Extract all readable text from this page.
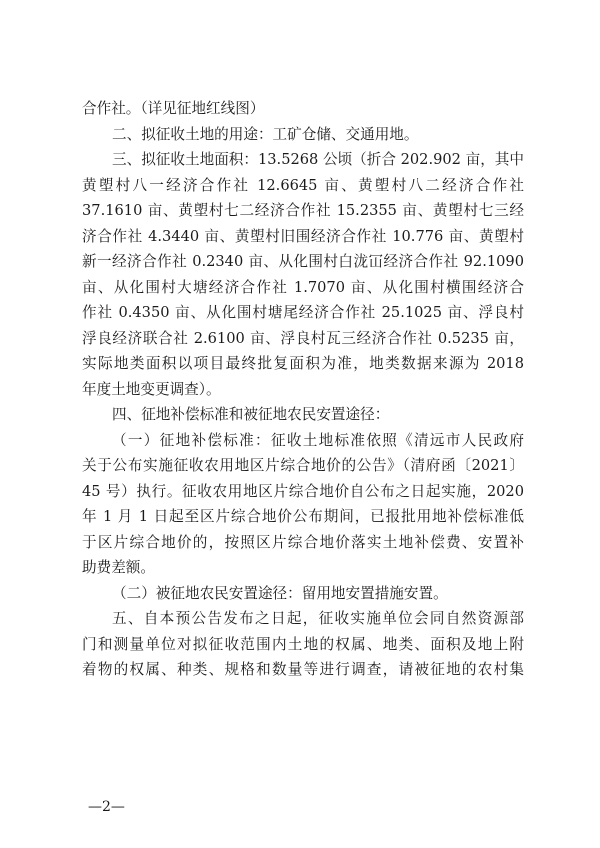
合作社。（详见征地红线图）
二、拟征收土地的用途：工矿仓储、交通用地。
三、拟征收土地面积：13.5268 公顷（折合 202.902 亩，其中
黄塱村八一经济合作社 12.6645 亩、黄塱村八二经济合作社
37.1610 亩、黄塱村七二经济合作社 15.2355 亩、黄塱村七三经
济合作社 4.3440 亩、黄塱村旧围经济合作社 10.776 亩、黄塱村
新一经济合作社 0.2340 亩、从化围村白泷冚经济合作社 92.1090
亩、从化围村大塘经济合作社 1.7070 亩、从化围村横围经济合
作社 0.4350 亩、从化围村塘尾经济合作社 25.1025 亩、浮良村
浮良经济联合社 2.6100 亩、浮良村瓦三经济合作社 0.5235 亩，
实际地类面积以项目最终批复面积为准，地类数据来源为 2018
年度土地变更调查）。
四、征地补偿标准和被征地农民安置途径：
（一）征地补偿标准：征收土地标准依照《清远市人民政府
关于公布实施征收农用地区片综合地价的公告》（清府函〔2021〕
45 号）执行。征收农用地区片综合地价自公布之日起实施，2020
年 1 月 1 日起至区片综合地价公布期间，已报批用地补偿标准低
于区片综合地价的，按照区片综合地价落实土地补偿费、安置补
助费差额。
（二）被征地农民安置途径：留用地安置措施安置。
五、自本预公告发布之日起，征收实施单位会同自然资源部
门和测量单位对拟征收范围内土地的权属、地类、面积及地上附
着物的权属、种类、规格和数量等进行调查，请被征地的农村集
—2—
